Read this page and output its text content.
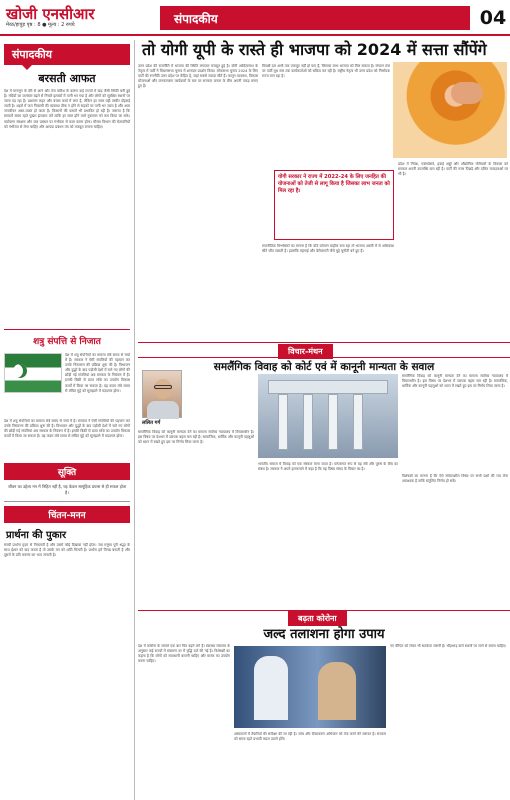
खोजी एनसीआर
मेरठ/हापुड़ पृष्ठ : 8 ● मूल्य : 2 रुपये	संपादकीय	04
संपादकीय
बरसती आफत
देश में मानसून के देरी से आने और तेज बारिश के कारण कई राज्यों में बाढ़ जैसी स्थिति बनी हुई है। नदियों का जलस्तर बढ़ने से निचले इलाकों में पानी भर गया है और लोगों को सुरक्षित स्थानों पर जाना पड़ रहा है। प्रशासन राहत और बचाव कार्य में लगा है, लेकिन हर साल यही तस्वीर दोहराई जाती है। शहरों में जल निकासी की व्यवस्था ठीक न होने से सड़कों पर पानी भर जाता है और आम जनजीवन अस्त-व्यस्त हो जाता है। किसानों की फसलें भी प्रभावित हो रही हैं। जरूरत है कि सरकारें समय रहते पुख्ता इंतजाम करें ताकि हर साल होने वाले नुकसान को कम किया जा सके। पर्यावरण संरक्षण और जल प्रबंधन पर गंभीरता से काम करना होगा। मौसम विभाग की चेतावनियों को गंभीरता से लेना चाहिए और आपदा प्रबंधन तंत्र को मजबूत बनाना चाहिए।
शत्रु संपत्ति से निजात
देश में शत्रु संपत्तियों का मामला लंबे समय से चर्चा में है। सरकार ने ऐसी संपत्तियों की पहचान कर उनके निस्तारण की प्रक्रिया शुरू की है। विभाजन और युद्धों के बाद पड़ोसी देशों में चले गए लोगों की छोड़ी गई संपत्तियां अब सरकार के नियंत्रण में हैं। इनकी बिक्री से प्राप्त राशि का उपयोग विकास कार्यों में किया जा सकता है। यह कदम लंबे समय से लंबित मुद्दे को सुलझाने में मददगार होगा।
देश में शत्रु संपत्तियों का मामला लंबे समय से चर्चा में है। सरकार ने ऐसी संपत्तियों की पहचान कर उनके निस्तारण की प्रक्रिया शुरू की है। विभाजन और युद्धों के बाद पड़ोसी देशों में चले गए लोगों की छोड़ी गई संपत्तियां अब सरकार के नियंत्रण में हैं। इनकी बिक्री से प्राप्त राशि का उपयोग विकास कार्यों में किया जा सकता है। यह कदम लंबे समय से लंबित मुद्दे को सुलझाने में मददगार होगा।
सूक्ति
जीवन का उद्देश्य मन में निहित नहीं है, यह केवल सामूहिक प्रयास से ही सफल होता है।
चिंतन-मनन
प्रार्थना की पुकार
सच्ची प्रार्थना हृदय से निकलती है और उसमें कोई दिखावा नहीं होता। जब मनुष्य पूरी श्रद्धा के साथ ईश्वर को याद करता है तो उसके मन को शांति मिलती है। प्रार्थना हमें विनम्र बनाती है और दूसरों के प्रति करुणा का भाव जगाती है।
तो योगी यूपी के रास्ते ही भाजपा को 2024 में सत्ता सौंपेंगे
उत्तर प्रदेश की राजनीति में भाजपा की स्थिति लगातार मजबूत हुई है। योगी आदित्यनाथ के नेतृत्व में पार्टी ने विधानसभा चुनाव में शानदार प्रदर्शन किया। लोकसभा चुनाव 2024 के लिए पार्टी की रणनीति उत्तर प्रदेश पर केंद्रित है, जहां सबसे ज्यादा सीटें हैं। कानून व्यवस्था, विकास योजनाओं और जनकल्याण कार्यक्रमों के बल पर सरकार जनता के बीच अपनी पकड़ बनाए हुए है।
विपक्षी दल अभी तक एकजुट नहीं हो पाए हैं, जिसका लाभ भाजपा को मिल सकता है। संगठन स्तर पर पार्टी बूथ स्तर तक कार्यकर्ताओं को सक्रिय कर रही है। राष्ट्रीय नेतृत्व भी उत्तर प्रदेश को निर्णायक राज्य मान रहा है।
योगी सरकार ने राज्य में 2022-24 के लिए जनहित की योजनाओं को तेजी से लागू किया है जिसका लाभ जनता को मिल रहा है।
प्रदेश में निवेश, एक्सप्रेसवे, हवाई अड्डों और औद्योगिक गलियारों के विकास को सरकार अपनी उपलब्धि बता रही है। पार्टी की नजर पिछड़े और दलित मतदाताओं पर भी है।
राजनीतिक विश्लेषकों का मानना है कि यदि वर्तमान माहौल बना रहा तो भाजपा अस्सी में से अधिकांश सीटें जीत सकती है। हालांकि महंगाई और बेरोजगारी जैसे मुद्दे चुनौती बने हुए हैं।
विचार-मंथन
समलैंगिक विवाह को कोर्ट एवं में कानूनी मान्यता के सवाल
ललित गर्ग
समलैंगिक विवाह को कानूनी मान्यता देने का मामला सर्वोच्च न्यायालय में विचाराधीन है। इस विषय पर देशभर में व्यापक बहस चल रही है। सामाजिक, धार्मिक और कानूनी पहलुओं को ध्यान में रखते हुए इस पर निर्णय लिया जाना है।
समलैंगिक विवाह को कानूनी मान्यता देने का मामला सर्वोच्च न्यायालय में विचाराधीन है। इस विषय पर देशभर में व्यापक बहस चल रही है। सामाजिक, धार्मिक और कानूनी पहलुओं को ध्यान में रखते हुए इस पर निर्णय लिया जाना है।
भारतीय समाज में विवाह को एक संस्कार माना जाता है। परंपरागत रूप से यह स्त्री और पुरुष के बीच का संबंध है। सरकार ने अपने हलफनामे में कहा है कि यह विषय संसद के विचार का है।
विशेषज्ञों का मानना है कि ऐसे संवेदनशील विषय पर सभी पक्षों की राय लेना आवश्यक है ताकि संतुलित निर्णय हो सके।
बढ़ता कोरोना
जल्द तलाशना होगा उपाय
देश में कोरोना के मामले एक बार फिर बढ़ने लगे हैं। स्वास्थ्य मंत्रालय के अनुसार कई राज्यों में संक्रमण दर में वृद्धि दर्ज की गई है। विशेषज्ञों का कहना है कि लोगों को सावधानी बरतनी चाहिए और मास्क का उपयोग करना चाहिए।
अस्पतालों में तैयारियों की समीक्षा की जा रही है। जांच और टीकाकरण अभियान को तेज करने की जरूरत है। सरकार को समय रहते प्रभावी कदम उठाने होंगे।
नए वेरिएंट को लेकर भी सतर्कता जरूरी है। भीड़भाड़ वाले स्थानों पर जाने से बचना चाहिए।
